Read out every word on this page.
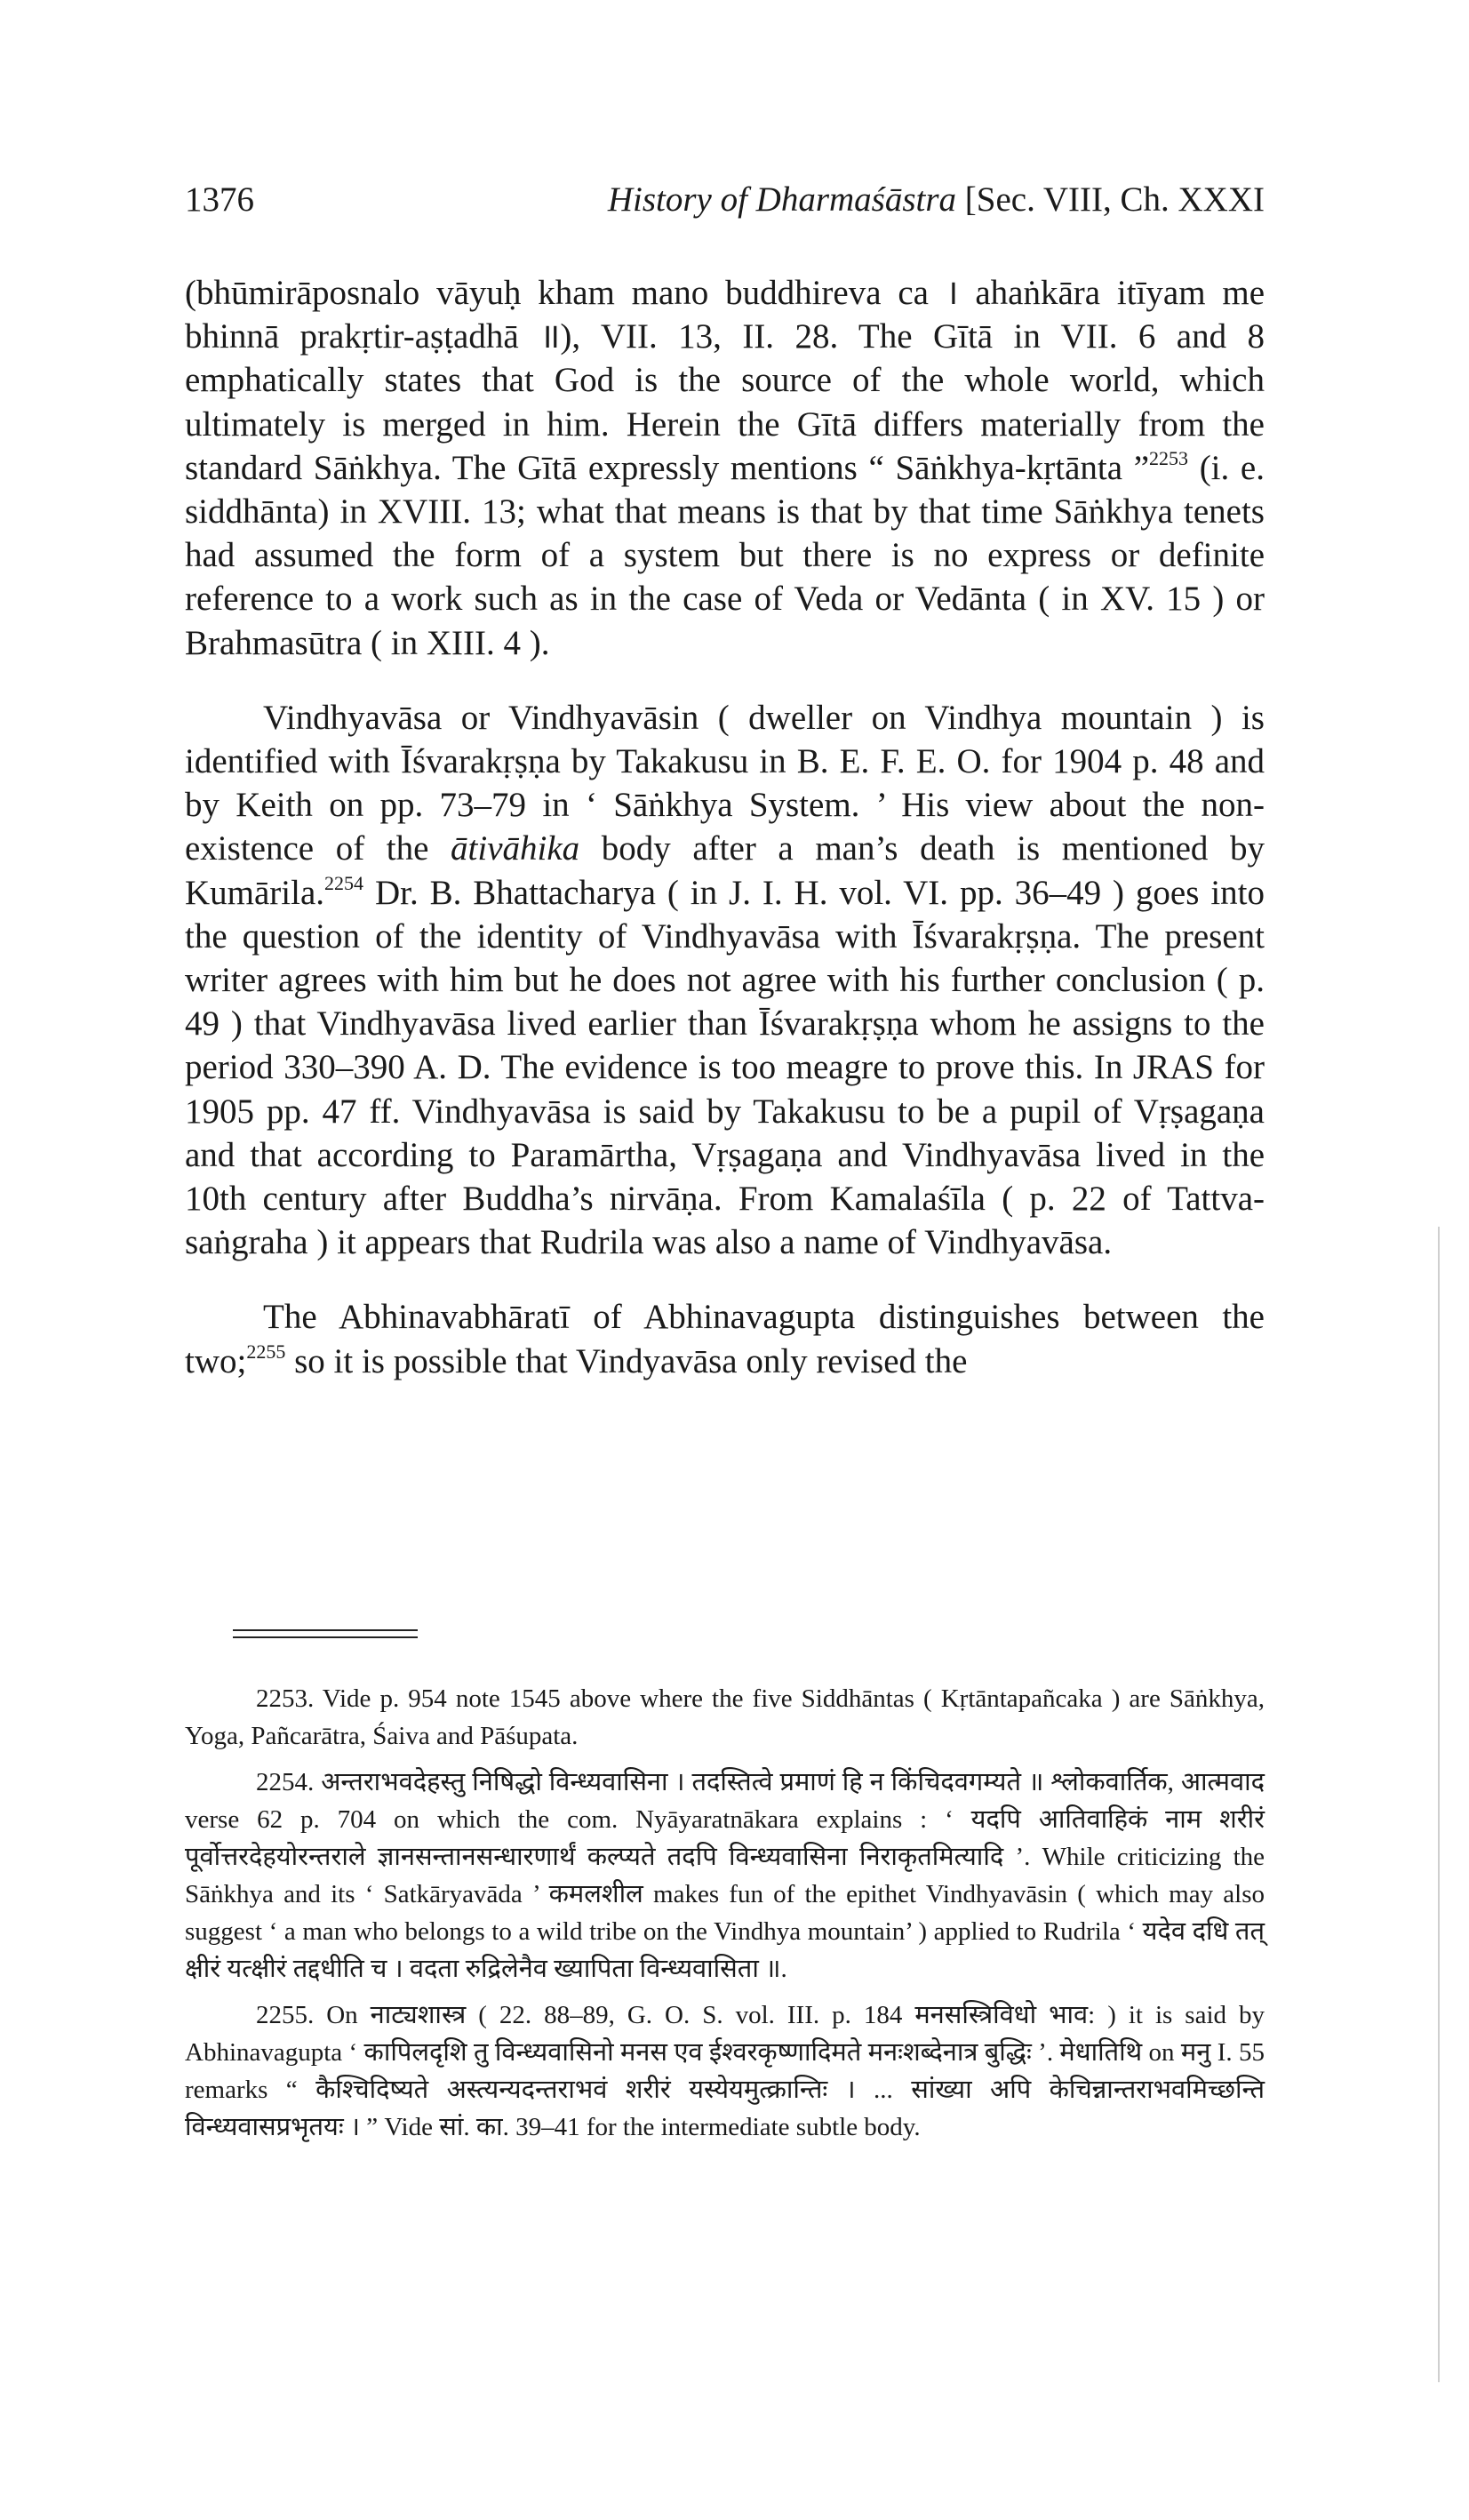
1376	History of Dharmaśāstra [Sec. VIII, Ch. XXXI

(bhūmirāposnalo vāyuḥ kham mano buddhireva ca । ahaṅkāra itīyam me bhinnā prakṛtir-aṣṭadhā ॥), VII. 13, II. 28. The Gītā in VII. 6 and 8 emphatically states that God is the source of the whole world, which ultimately is merged in him. Herein the Gītā differs materially from the standard Sāṅkhya. The Gītā expressly mentions “ Sāṅkhya-kṛtānta ”$^{2253}$ (i. e. siddhānta) in XVIII. 13; what that means is that by that time Sāṅkhya tenets had assumed the form of a system but there is no express or definite reference to a work such as in the case of Veda or Vedānta ( in XV. 15 ) or Brahmasūtra ( in XIII. 4 ).

Vindhyavāsa or Vindhyavāsin ( dweller on Vindhya mountain ) is identified with Īśvarakṛṣṇa by Takakusu in B. E. F. E. O. for 1904 p. 48 and by Keith on pp. 73–79 in ‘ Sāṅkhya System. ’ His view about the non-existence of the ātivāhika body after a man’s death is mentioned by Kumārila.$^{2254}$ Dr. B. Bhattacharya ( in J. I. H. vol. VI. pp. 36–49 ) goes into the question of the identity of Vindhyavāsa with Īśvarakṛṣṇa. The present writer agrees with him but he does not agree with his further conclusion ( p. 49 ) that Vindhyavāsa lived earlier than Īśvarakṛṣṇa whom he assigns to the period 330–390 A. D. The evidence is too meagre to prove this. In JRAS for 1905 pp. 47 ff. Vindhyavāsa is said by Takakusu to be a pupil of Vṛṣagaṇa and that according to Paramārtha, Vṛṣagaṇa and Vindhyavāsa lived in the 10th century after Buddha’s nirvāṇa. From Kamalaśīla ( p. 22 of Tattva-saṅgraha ) it appears that Rudrila was also a name of Vindhyavāsa.

The Abhinavabhāratī of Abhinavagupta distinguishes between the two;$^{2255}$ so it is possible that Vindyavāsa only revised the

2253. Vide p. 954 note 1545 above where the five Siddhāntas ( Kṛtāntapañcaka ) are Sāṅkhya, Yoga, Pañcarātra, Śaiva and Pāśupata.

2254. अन्तराभवदेहस्तु निषिद्धो विन्ध्यवासिना । तदस्तित्वे प्रमाणं हि न किंचिदवगम्यते ॥ श्लोकवार्तिक, आत्मवाद verse 62 p. 704 on which the com. Nyāyaratnākara explains : ‘ यदपि आतिवाहिकं नाम शरीरं पूर्वोत्तरदेहयोरन्तराले ज्ञानसन्तानसन्धारणार्थं कल्प्यते तदपि विन्ध्यवासिना निराकृतमित्यादि ’. While criticizing the Sāṅkhya and its ‘ Satkāryavāda ’ कमलशील makes fun of the epithet Vindhyavāsin ( which may also suggest ‘ a man who belongs to a wild tribe on the Vindhya mountain’ ) applied to Rudrila ‘ यदेव दधि तत् क्षीरं यत्क्षीरं तद्दधीति च । वदता रुद्रिलेनैव ख्यापिता विन्ध्यवासिता ॥.

2255. On नाट्यशास्त्र ( 22. 88–89, G. O. S. vol. III. p. 184 मनसस्त्रिविधो भाव: ) it is said by Abhinavagupta ‘ कापिलदृशि तु विन्ध्यवासिनो मनस एव ईश्वरकृष्णादिमते मनःशब्देनात्र बुद्धिः ’. मेधातिथि on मनु I. 55 remarks “ कैश्चिदिष्यते अस्त्यन्यदन्तराभवं शरीरं यस्येयमुत्क्रान्तिः । ... सांख्या अपि केचिन्नान्तराभवमिच्छन्ति विन्ध्यवासप्रभृतयः । ” Vide सां. का. 39–41 for the intermediate subtle body.
